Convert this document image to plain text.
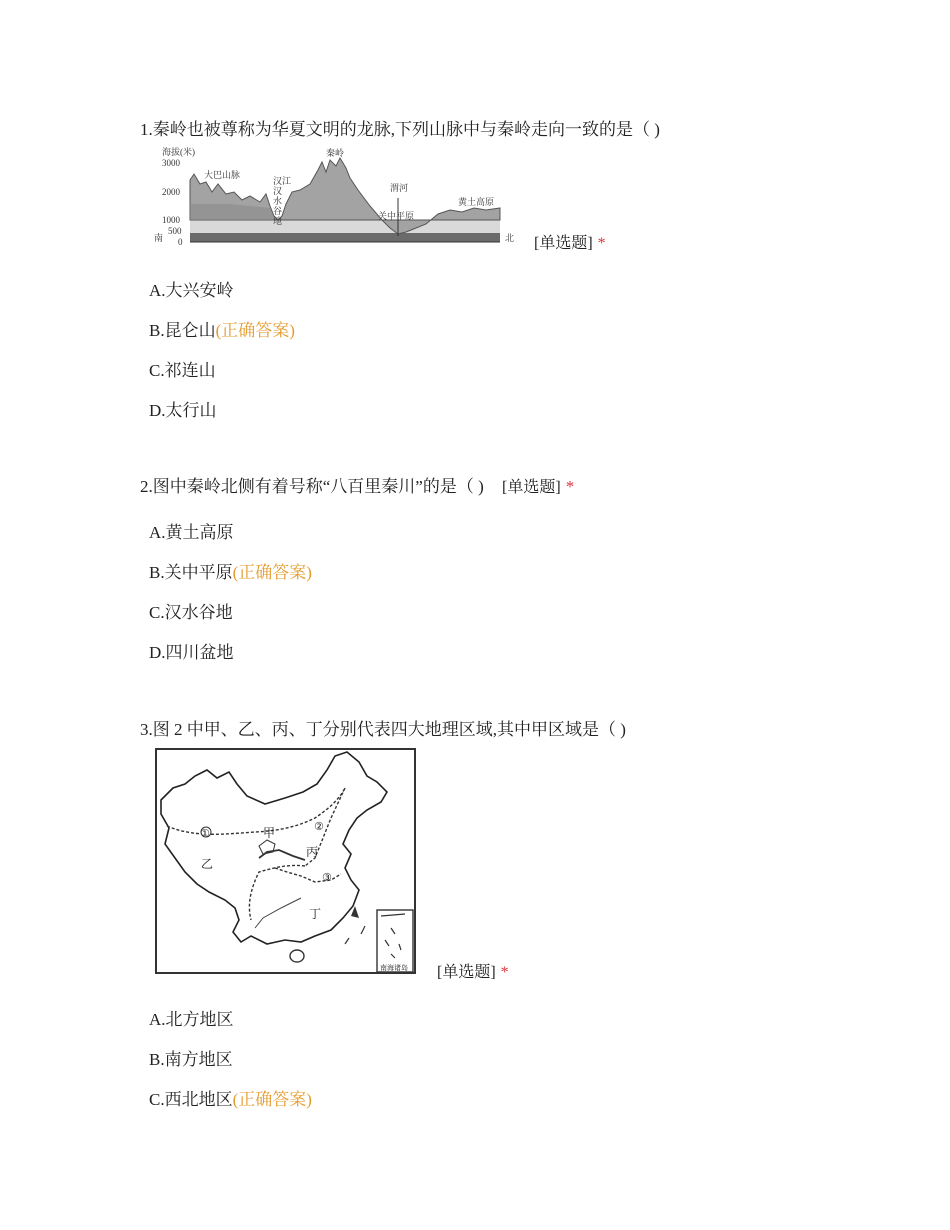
1.秦岭也被尊称为华夏文明的龙脉,下列山脉中与秦岭走向一致的是（ )
海拔(米)
3000
2000
1000
500
0
南	北
大巴山脉
汉江
汉
水
谷
地
秦岭
渭河
关中平原
黄土高原
[单选题] *
A.大兴安岭
B.昆仑山(正确答案)
C.祁连山
D.太行山
2.图中秦岭北侧有着号称“八百里秦川”的是（ ) [单选题] *
A.黄土高原
B.关中平原(正确答案)
C.汉水谷地
D.四川盆地
3.图 2 中甲、乙、丙、丁分别代表四大地理区域,其中甲区域是（ )
①
②
③
甲
乙
丙
丁
南海诸岛 [单选题] *
A.北方地区
B.南方地区
C.西北地区(正确答案)
